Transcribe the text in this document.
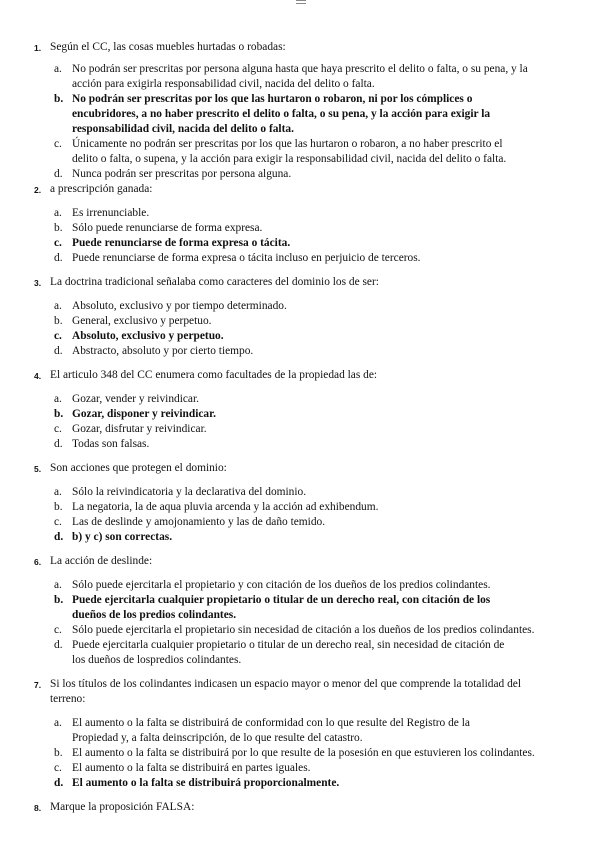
1. Según el CC, las cosas muebles hurtadas o robadas:

a. No podrán ser prescritas por persona alguna hasta que haya prescrito el delito o falta, o su pena, y la
acción para exigirla responsabilidad civil, nacida del delito o falta.
b. No podrán ser prescritas por los que las hurtaron o robaron, ni por los cómplices o
encubridores, a no haber prescrito el delito o falta, o su pena, y la acción para exigir la
responsabilidad civil, nacida del delito o falta.
c. Únicamente no podrán ser prescritas por los que las hurtaron o robaron, a no haber prescrito el
delito o falta, o supena, y la acción para exigir la responsabilidad civil, nacida del delito o falta.
d. Nunca podrán ser prescritas por persona alguna.
2. a prescripción ganada:

a. Es irrenunciable.
b. Sólo puede renunciarse de forma expresa.
c. Puede renunciarse de forma expresa o tácita.
d. Puede renunciarse de forma expresa o tácita incluso en perjuicio de terceros.
3. La doctrina tradicional señalaba como caracteres del dominio los de ser:

a. Absoluto, exclusivo y por tiempo determinado.
b. General, exclusivo y perpetuo.
c. Absoluto, exclusivo y perpetuo.
d. Abstracto, absoluto y por cierto tiempo.
4. El articulo 348 del CC enumera como facultades de la propiedad las de:

a. Gozar, vender y reivindicar.
b. Gozar, disponer y reivindicar.
c. Gozar, disfrutar y reivindicar.
d. Todas son falsas.
5. Son acciones que protegen el dominio:

a. Sólo la reivindicatoria y la declarativa del dominio.
b. La negatoria, la de aqua pluvia arcenda y la acción ad exhibendum.
c. Las de deslinde y amojonamiento y las de daño temido.
d. b) y c) son correctas.
6. La acción de deslinde:

a. Sólo puede ejercitarla el propietario y con citación de los dueños de los predios colindantes.
b. Puede ejercitarla cualquier propietario o titular de un derecho real, con citación de los
dueños de los predios colindantes.
c. Sólo puede ejercitarla el propietario sin necesidad de citación a los dueños de los predios colindantes.
d. Puede ejercitarla cualquier propietario o titular de un derecho real, sin necesidad de citación de
los dueños de lospredios colindantes.
7. Si los títulos de los colindantes indicasen un espacio mayor o menor del que comprende la totalidad del
terreno:
a. El aumento o la falta se distribuirá de conformidad con lo que resulte del Registro de la
Propiedad y, a falta deinscripción, de lo que resulte del catastro.
b. El aumento o la falta se distribuirá por lo que resulte de la posesión en que estuvieren los colindantes.
c. El aumento o la falta se distribuirá en partes iguales.
d. El aumento o la falta se distribuirá proporcionalmente.
8. Marque la proposición FALSA:
